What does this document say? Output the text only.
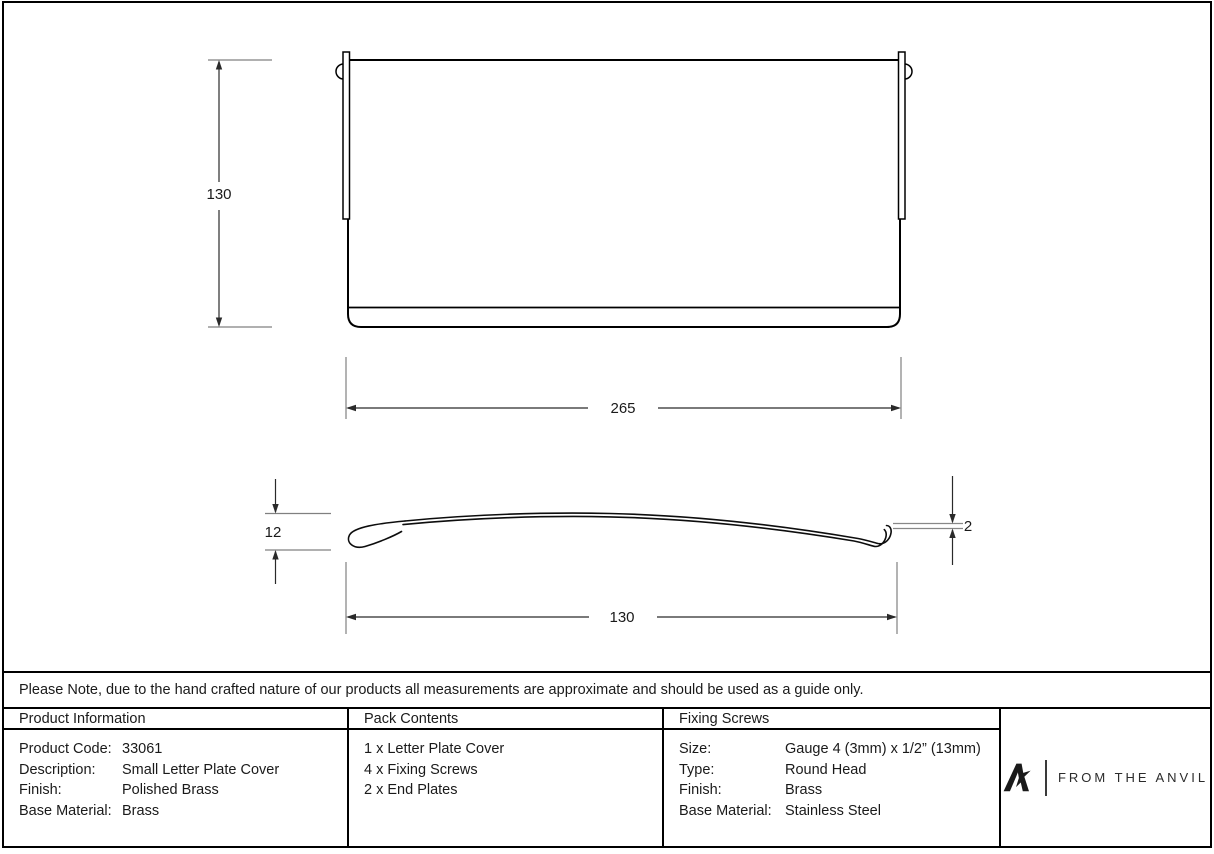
130
265
12	2
130
Please Note, due to the hand crafted nature of our products all measurements are approximate and should be used as a guide only.
Product Information
Product Code: 33061
Description:	Small Letter Plate Cover
Finish:	Polished Brass
Base Material: Brass
Pack Contents
1 x Letter Plate Cover
4 x Fixing Screws
2 x End Plates
Fixing Screws
Size:	Gauge 4 (3mm) x 1/2” (13mm)
Type:	Round Head
Finish:	Brass
Base Material: Stainless Steel
FROM THE ANVIL
